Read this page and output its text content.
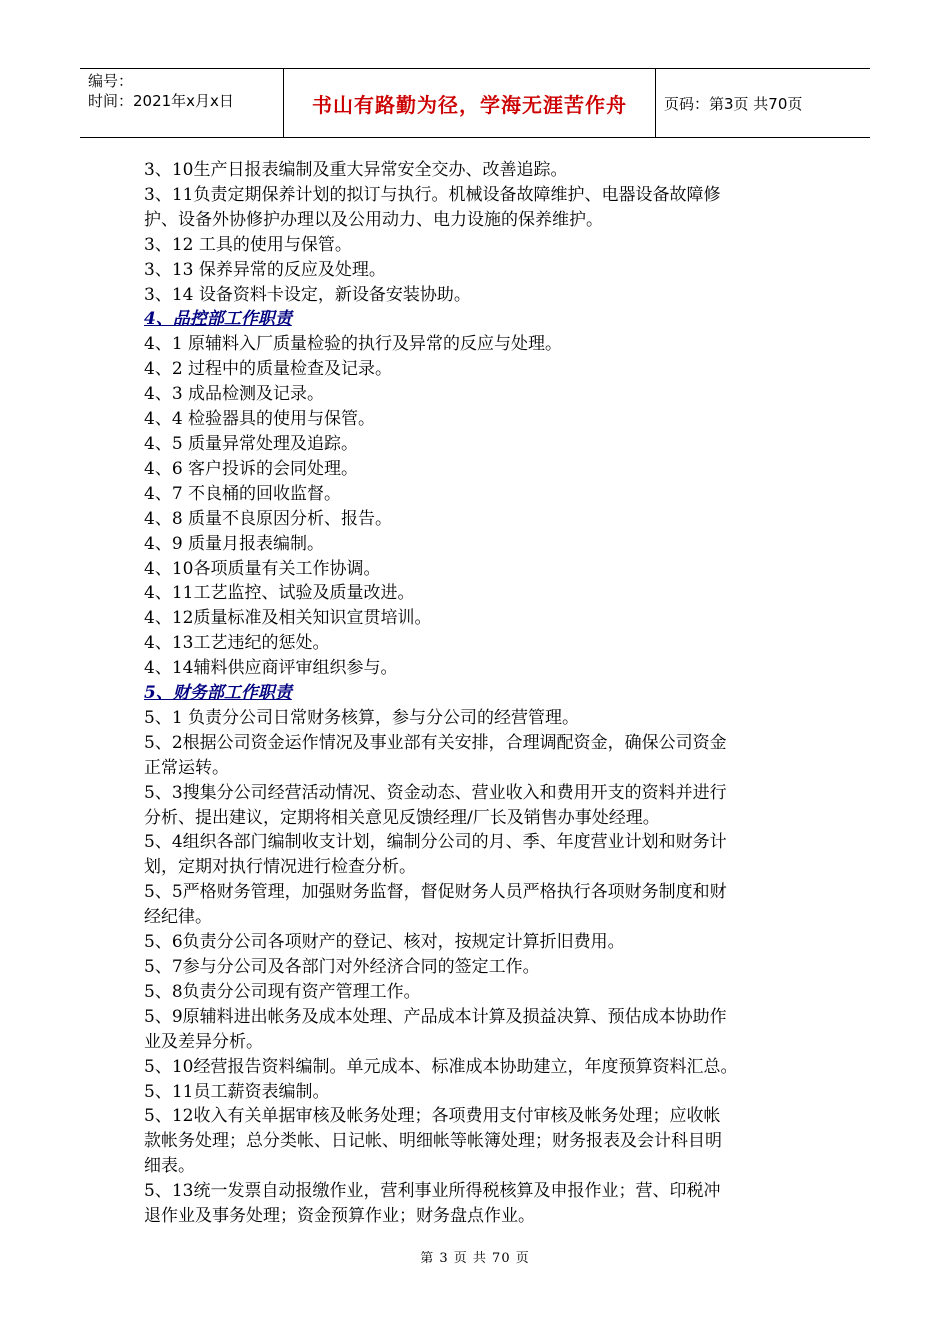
编号：
时间：2021年x月x日	书山有路勤为径，学海无涯苦作舟 页码：第3页 共70页
3、10生产日报表编制及重大异常安全交办、改善追踪。
3、11负责定期保养计划的拟订与执行。机械设备故障维护、电器设备故障修
护、设备外协修护办理以及公用动力、电力设施的保养维护。
3、12 工具的使用与保管。
3、13 保养异常的反应及处理。
3、14 设备资料卡设定，新设备安装协助。
4、品控部工作职责
4、1 原辅料入厂质量检验的执行及异常的反应与处理。
4、2 过程中的质量检查及记录。
4、3 成品检测及记录。
4、4 检验器具的使用与保管。
4、5 质量异常处理及追踪。
4、6 客户投诉的会同处理。
4、7 不良桶的回收监督。
4、8 质量不良原因分析、报告。
4、9 质量月报表编制。
4、10各项质量有关工作协调。
4、11工艺监控、试验及质量改进。
4、12质量标准及相关知识宣贯培训。
4、13工艺违纪的惩处。
4、14辅料供应商评审组织参与。
5、财务部工作职责
5、1 负责分公司日常财务核算，参与分公司的经营管理。
5、2根据公司资金运作情况及事业部有关安排，合理调配资金，确保公司资金
正常运转。
5、3搜集分公司经营活动情况、资金动态、营业收入和费用开支的资料并进行
分析、提出建议，定期将相关意见反馈经理/厂长及销售办事处经理。
5、4组织各部门编制收支计划，编制分公司的月、季、年度营业计划和财务计
划，定期对执行情况进行检查分析。
5、5严格财务管理，加强财务监督，督促财务人员严格执行各项财务制度和财
经纪律。
5、6负责分公司各项财产的登记、核对，按规定计算折旧费用。
5、7参与分公司及各部门对外经济合同的签定工作。
5、8负责分公司现有资产管理工作。
5、9原辅料进出帐务及成本处理、产品成本计算及损益决算、预估成本协助作
业及差异分析。
5、10经营报告资料编制。单元成本、标准成本协助建立，年度预算资料汇总。
5、11员工薪资表编制。
5、12收入有关单据审核及帐务处理；各项费用支付审核及帐务处理；应收帐
款帐务处理；总分类帐、日记帐、明细帐等帐簿处理；财务报表及会计科目明
细表。
5、13统一发票自动报缴作业，营利事业所得税核算及申报作业；营、印税冲
退作业及事务处理；资金预算作业；财务盘点作业。
第 3 页 共 70 页
